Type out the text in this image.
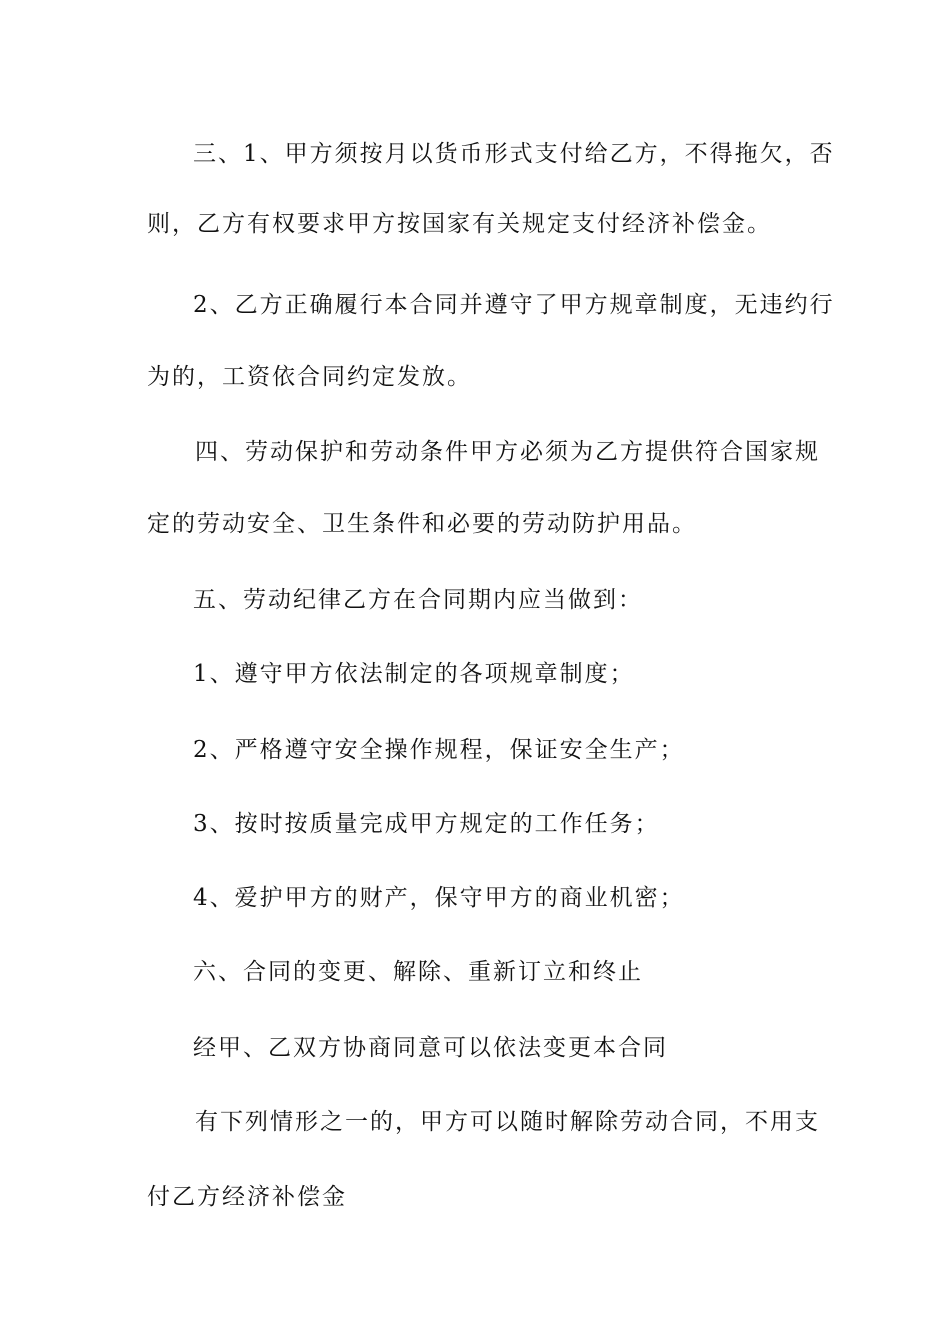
三、1、甲方须按月以货币形式支付给乙方，不得拖欠，否
则，乙方有权要求甲方按国家有关规定支付经济补偿金。
2、乙方正确履行本合同并遵守了甲方规章制度，无违约行
为的，工资依合同约定发放。
四、劳动保护和劳动条件甲方必须为乙方提供符合国家规
定的劳动安全、卫生条件和必要的劳动防护用品。
五、劳动纪律乙方在合同期内应当做到：
1、遵守甲方依法制定的各项规章制度；
2、严格遵守安全操作规程，保证安全生产；
3、按时按质量完成甲方规定的工作任务；
4、爱护甲方的财产，保守甲方的商业机密；
六、合同的变更、解除、重新订立和终止
经甲、乙双方协商同意可以依法变更本合同
有下列情形之一的，甲方可以随时解除劳动合同，不用支
付乙方经济补偿金
